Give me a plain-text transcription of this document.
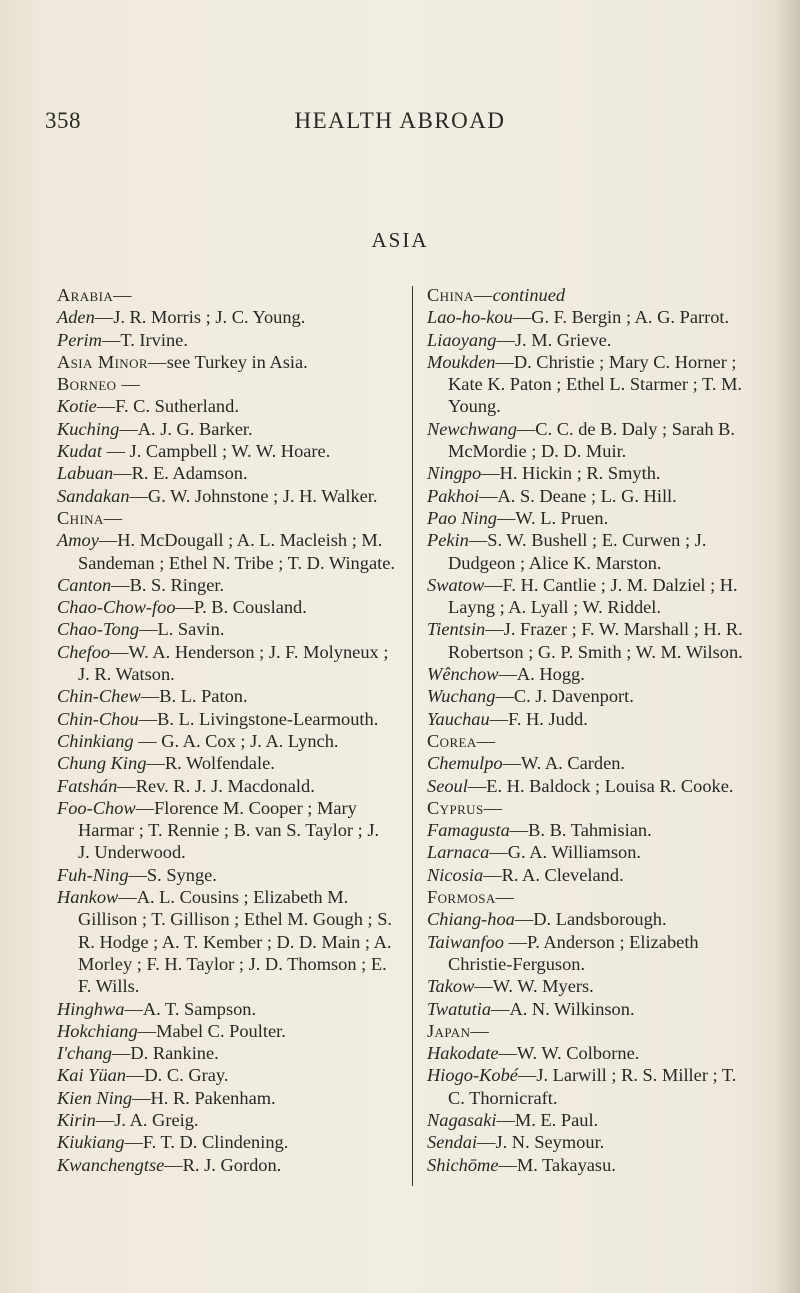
358	HEALTH ABROAD
ASIA

Arabia—

Aden—J. R. Morris ; J. C. Young.

Perim—T. Irvine.

Asia Minor—see Turkey in Asia.

Borneo —

Kotie—F. C. Sutherland.

Kuching—A. J. G. Barker.

Kudat — J. Campbell ; W. W. Hoare.

Labuan—R. E. Adamson.

Sandakan—G. W. Johnstone ; J. H. Walker.

China—

Amoy—H. McDougall ; A. L. Macleish ; M. Sandeman ; Ethel N. Tribe ; T. D. Wingate.

Canton—B. S. Ringer.

Chao-Chow-foo—P. B. Cousland.

Chao-Tong—L. Savin.

Chefoo—W. A. Henderson ; J. F. Molyneux ; J. R. Watson.

Chin-Chew—B. L. Paton.

Chin-Chou—B. L. Livingstone-Learmouth.

Chinkiang — G. A. Cox ; J. A. Lynch.

Chung King—R. Wolfendale.

Fatshán—Rev. R. J. J. Macdonald.

Foo-Chow—Florence M. Cooper ; Mary Harmar ; T. Rennie ; B. van S. Taylor ; J. J. Underwood.

Fuh-Ning—S. Synge.

Hankow—A. L. Cousins ; Elizabeth M. Gillison ; T. Gillison ; Ethel M. Gough ; S. R. Hodge ; A. T. Kember ; D. D. Main ; A. Morley ; F. H. Taylor ; J. D. Thomson ; E. F. Wills.

Hinghwa—A. T. Sampson.

Hokchiang—Mabel C. Poulter.

I'chang—D. Rankine.

Kai Yüan—D. C. Gray.

Kien Ning—H. R. Pakenham.

Kirin—J. A. Greig.

Kiukiang—F. T. D. Clindening.

Kwanchengtse—R. J. Gordon.

China—continued

Lao-ho-kou—G. F. Bergin ; A. G. Parrot.

Liaoyang—J. M. Grieve.

Moukden—D. Christie ; Mary C. Horner ; Kate K. Paton ; Ethel L. Starmer ; T. M. Young.

Newchwang—C. C. de B. Daly ; Sarah B. McMordie ; D. D. Muir.

Ningpo—H. Hickin ; R. Smyth.

Pakhoi—A. S. Deane ; L. G. Hill.

Pao Ning—W. L. Pruen.

Pekin—S. W. Bushell ; E. Curwen ; J. Dudgeon ; Alice K. Marston.

Swatow—F. H. Cantlie ; J. M. Dalziel ; H. Layng ; A. Lyall ; W. Riddel.

Tientsin—J. Frazer ; F. W. Marshall ; H. R. Robertson ; G. P. Smith ; W. M. Wilson.

Wênchow—A. Hogg.

Wuchang—C. J. Davenport.

Yauchau—F. H. Judd.

Corea—

Chemulpo—W. A. Carden.

Seoul—E. H. Baldock ; Louisa R. Cooke.

Cyprus—

Famagusta—B. B. Tahmisian.

Larnaca—G. A. Williamson.

Nicosia—R. A. Cleveland.

Formosa—

Chiang-hoa—D. Landsborough.

Taiwanfoo —P. Anderson ; Elizabeth Christie-Ferguson.

Takow—W. W. Myers.

Twatutia—A. N. Wilkinson.

Japan—

Hakodate—W. W. Colborne.

Hiogo-Kobé—J. Larwill ; R. S. Miller ; T. C. Thornicraft.

Nagasaki—M. E. Paul.

Sendai—J. N. Seymour.

Shichōme—M. Takayasu.
